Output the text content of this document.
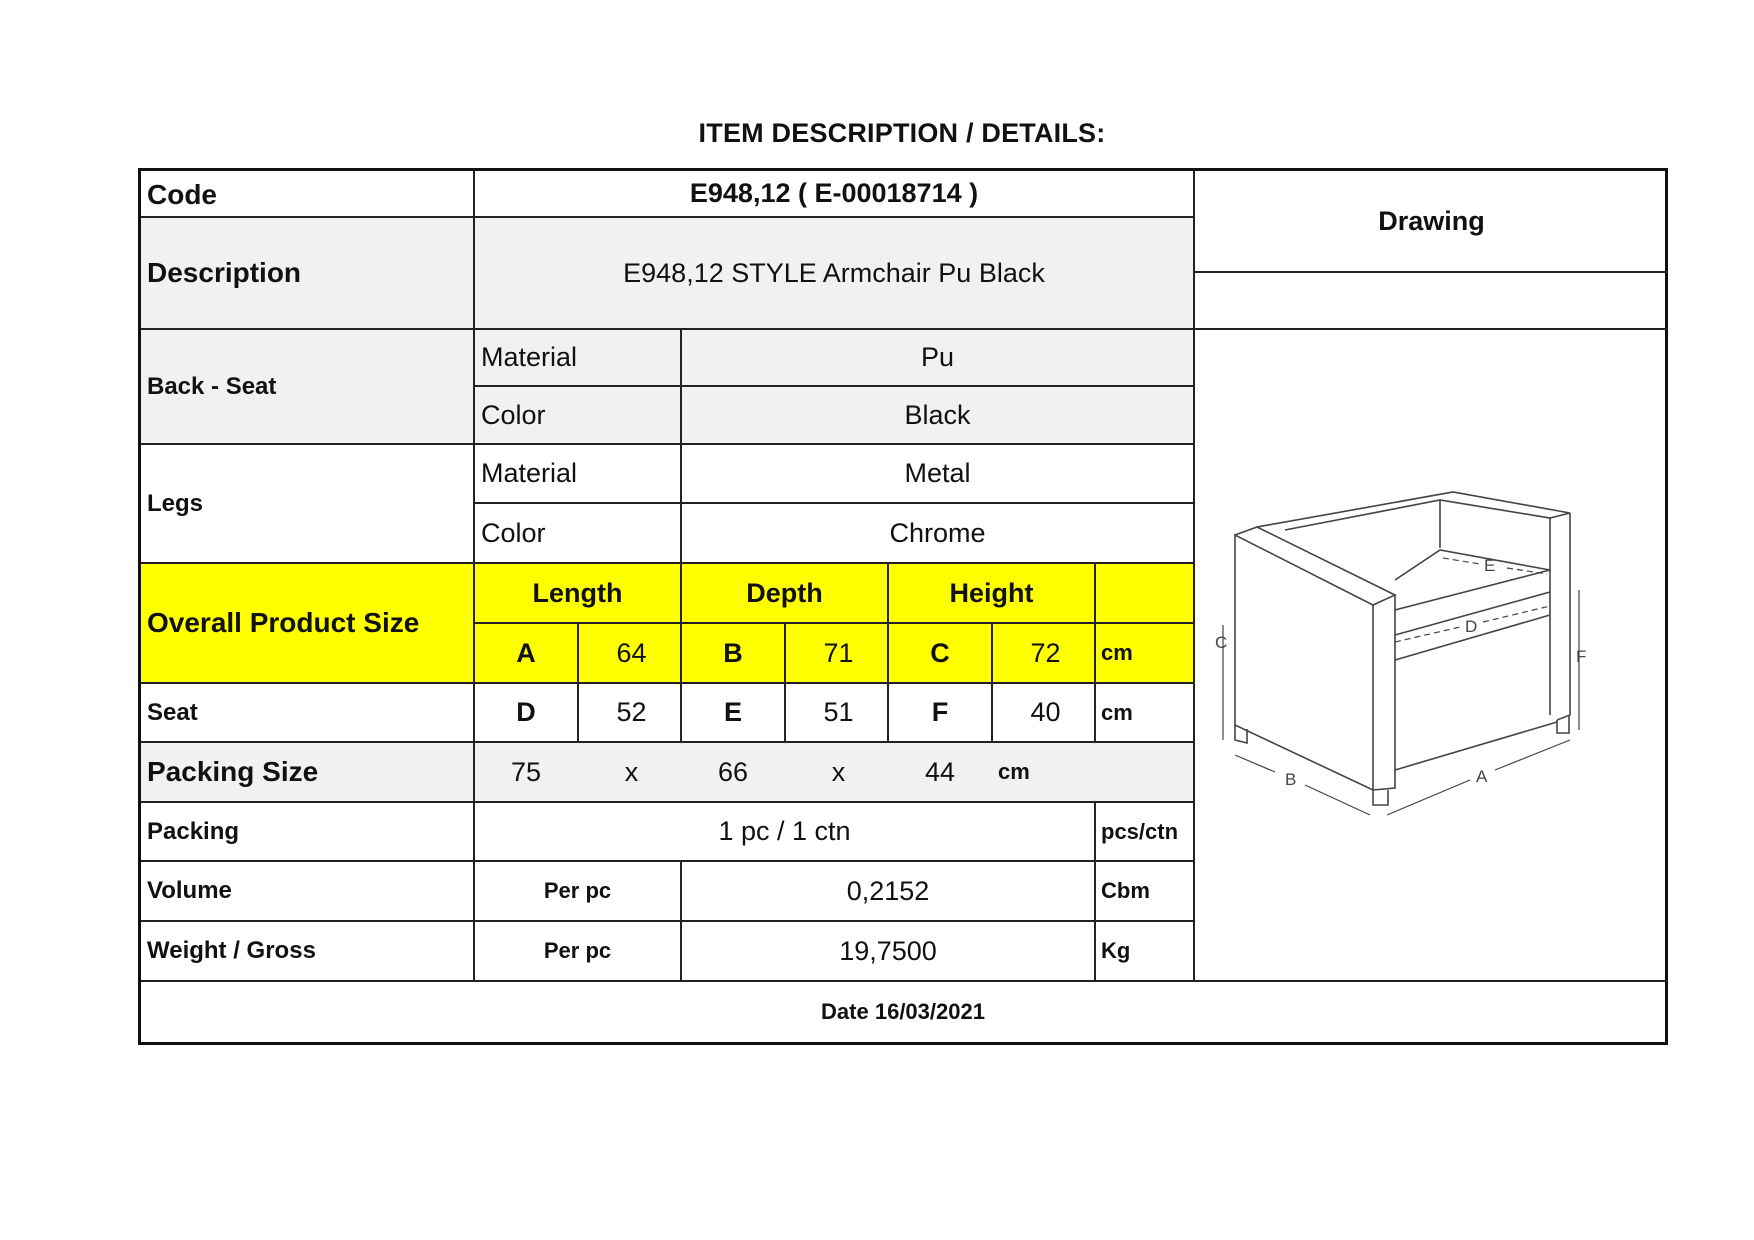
ITEM DESCRIPTION / DETAILS:
Code	E948,12 ( E-00018714 )
Drawing
Description	E948,12 STYLE Armchair Pu Black
Back - Seat
Material	Pu
Color	Black
Legs
Material	Metal
Color	Chrome
Overall Product Size
Length	Depth	Height
A	64	B	71	C	72	cm
Seat	D	52	E	51	F	40	cm
Packing Size	75	x	66	x	44	cm
Packing	1 pc / 1 ctn	pcs/ctn
Volume	Per pc	0,2152	Cbm
Weight / Gross	Per pc	19,7500	Kg
Date 16/03/2021
E
D
C
F
B	A
